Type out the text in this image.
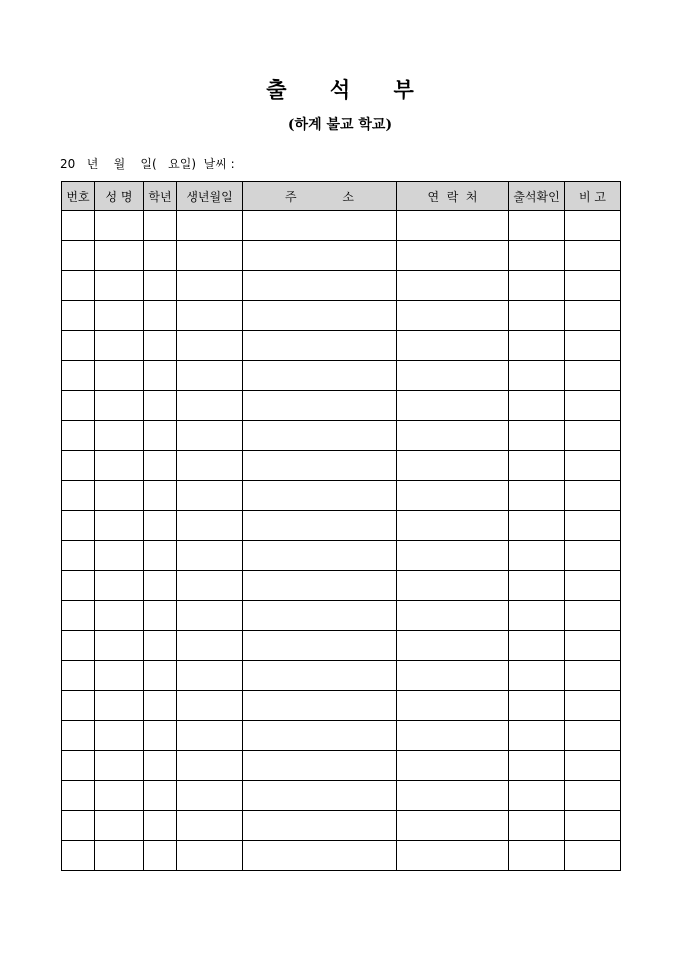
출 석 부
(하계 불교 학교)
20   년    월    일(   요일)  날씨 :
번호	성 명	학년	생년월일	주            소	연  락  처	출석확인	비 고
